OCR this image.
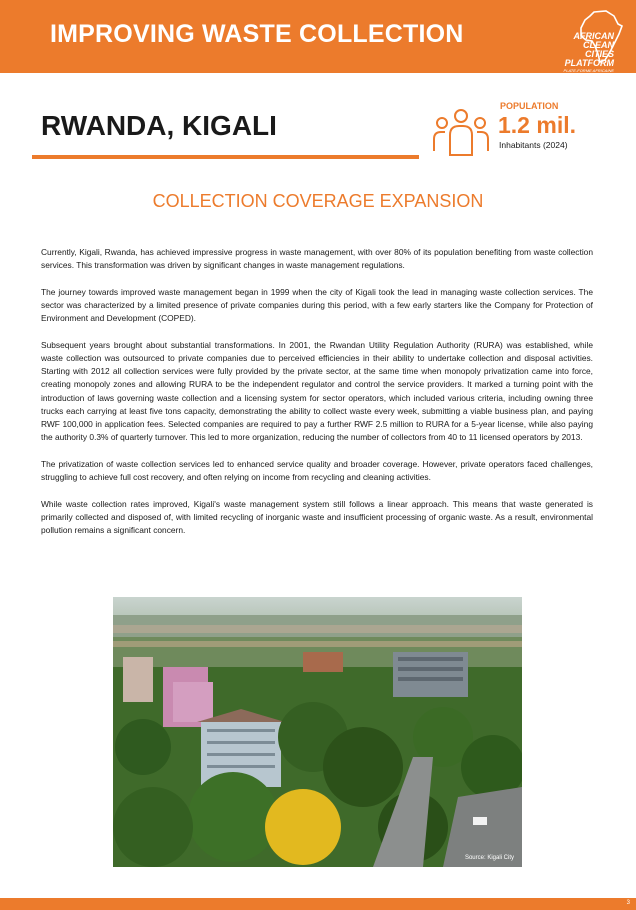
IMPROVING WASTE COLLECTION	AFRICAN CLEAN
CITIES PLATFORM
PLATE-FORME AFRICAINE
DES VILLES PROPRES
RWANDA, KIGALI
POPULATION
1.2 mil.
Inhabitants (2024)
COLLECTION COVERAGE EXPANSION

Currently, Kigali, Rwanda, has achieved impressive progress in waste management, with over 80% of its population benefiting from waste collection services. This transformation was driven by significant changes in waste management regulations.

The journey towards improved waste management began in 1999 when the city of Kigali took the lead in managing waste collection services. The sector was characterized by a limited presence of private companies during this period, with a few early starters like the Company for Protection of Environment and Development (COPED).

Subsequent years brought about substantial transformations. In 2001, the Rwandan Utility Regulation Authority (RURA) was established, while waste collection was outsourced to private companies due to perceived efficiencies in their ability to undertake collection and disposal activities. Starting with 2012 all collection services were fully provided by the private sector, at the same time when monopoly privatization came into force, creating monopoly zones and allowing RURA to be the independent regulator and control the service providers. It marked a turning point with the introduction of laws governing waste collection and a licensing system for sector operators, which included various criteria, including owning three trucks each carrying at least five tons capacity, demonstrating the ability to collect waste every week, submitting a viable business plan, and paying RWF 100,000 in application fees. Selected companies are required to pay a further RWF 2.5 million to RURA for a 5-year license, while also paying the authority 0.3% of quarterly turnover. This led to more organization, reducing the number of collectors from 40 to 11 licensed operators by 2013.

The privatization of waste collection services led to enhanced service quality and broader coverage. However, private operators faced challenges, struggling to achieve full cost recovery, and often relying on income from recycling and cleaning activities.

While waste collection rates improved, Kigali's waste management system still follows a linear approach. This means that waste generated is primarily collected and disposed of, with limited recycling of inorganic waste and insufficient processing of organic waste. As a result, environmental pollution remains a significant concern.

Source: Kigali City
3
